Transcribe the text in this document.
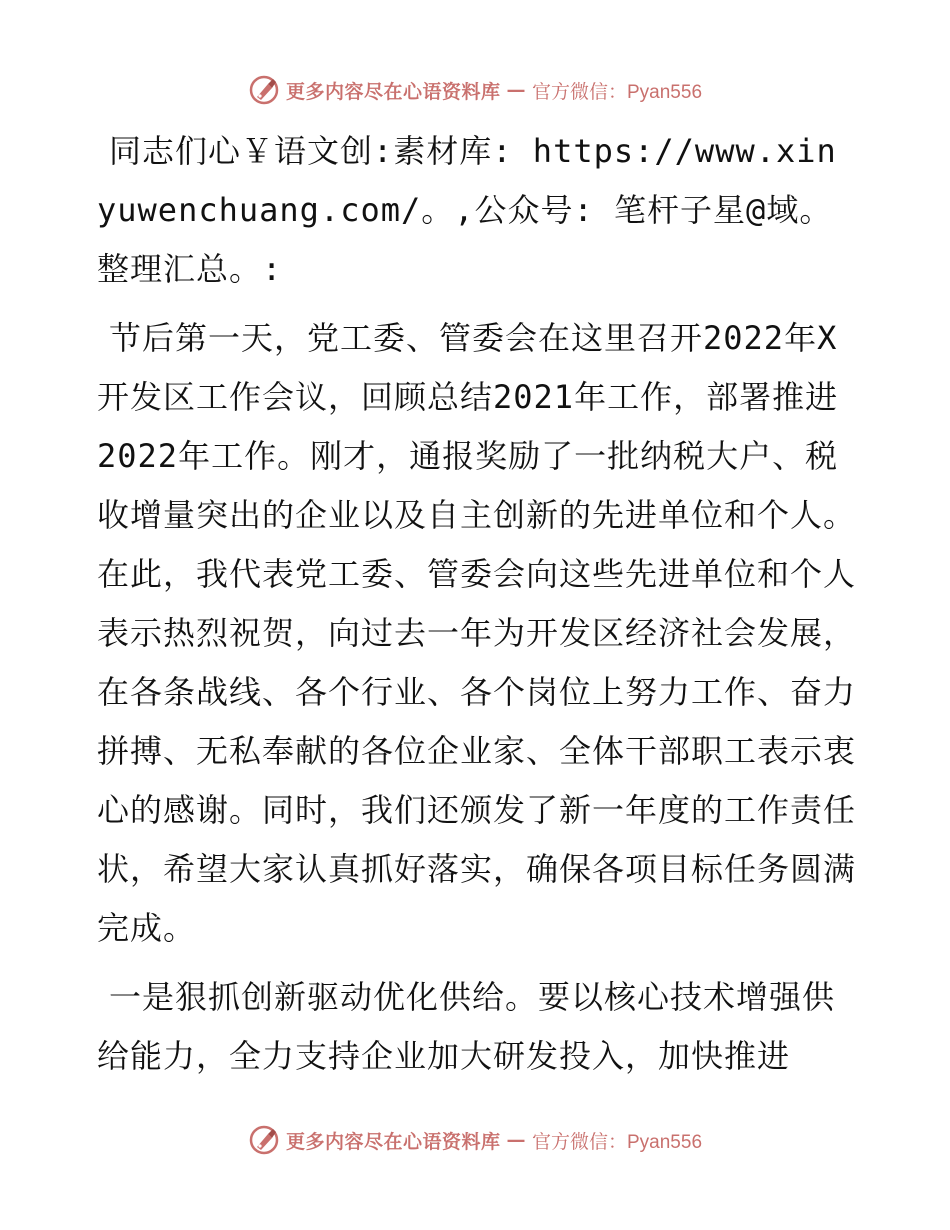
更多内容尽在心语资料库 — 官方微信：Pyan556

同志们心￥语文创:素材库: https://www.xinyuwenchuang.com/。,公众号: 笔杆子星@域。整理汇总。:

节后第一天，党工委、管委会在这里召开2022年X开发区工作会议，回顾总结2021年工作，部署推进2022年工作。刚才，通报奖励了一批纳税大户、税收增量突出的企业以及自主创新的先进单位和个人。在此，我代表党工委、管委会向这些先进单位和个人表示热烈祝贺，向过去一年为开发区经济社会发展，在各条战线、各个行业、各个岗位上努力工作、奋力拼搏、无私奉献的各位企业家、全体干部职工表示衷心的感谢。同时，我们还颁发了新一年度的工作责任状，希望大家认真抓好落实，确保各项目标任务圆满完成。

一是狠抓创新驱动优化供给。要以核心技术增强供给能力，全力支持企业加大研发投入，加快推进

更多内容尽在心语资料库 — 官方微信：Pyan556
